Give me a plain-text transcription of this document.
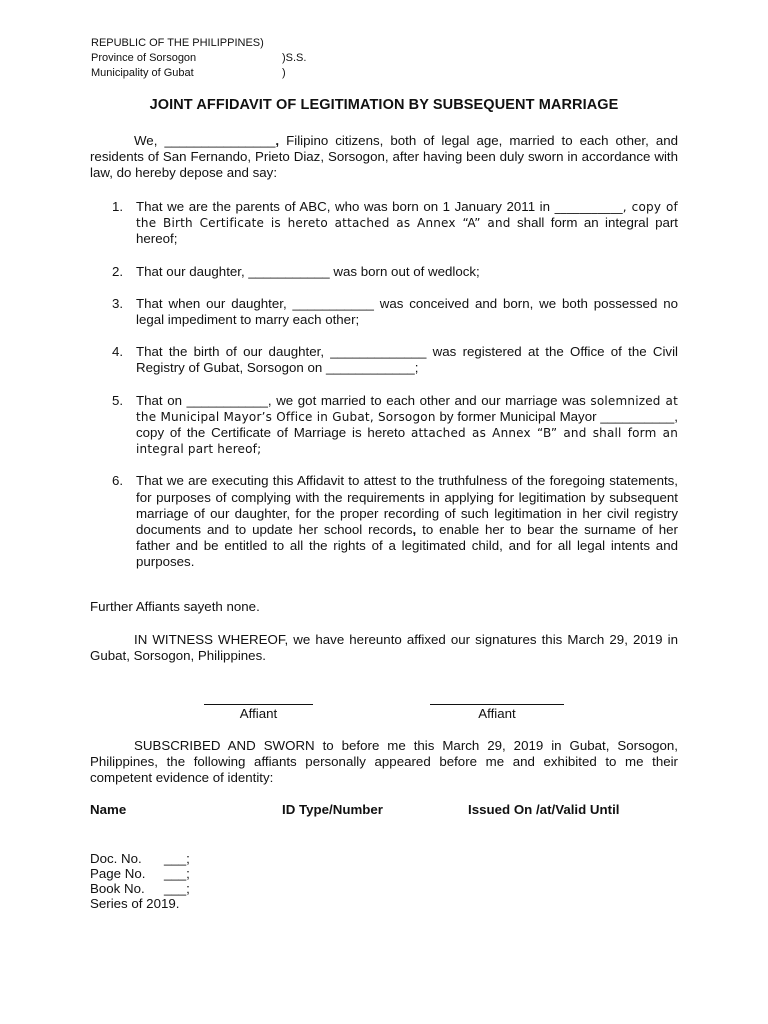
REPUBLIC OF THE PHILIPPINES)
Province of Sorsogon	)S.S.
Municipality of Gubat	)
JOINT AFFIDAVIT OF LEGITIMATION BY SUBSEQUENT MARRIAGE
We, _______________, Filipino citizens, both of legal age, married to each other, and residents of San Fernando, Prieto Diaz, Sorsogon, after having been duly sworn in accordance with law, do hereby depose and say:
1. That we are the parents of ABC, who was born on 1 January 2011 in ___________, copy of the Birth Certificate is hereto attached as Annex “A” and shall form an integral part hereof;
2. That our daughter, ___________ was born out of wedlock;
3. That when our daughter, ___________ was conceived and born, we both possessed no legal impediment to marry each other;
4. That the birth of our daughter, _____________ was registered at the Office of the Civil Registry of Gubat, Sorsogon on ____________;
5. That on ___________, we got married to each other and our marriage was solemnized at the Municipal Mayor’s Office in Gubat, Sorsogon by former Municipal Mayor __________, copy of the Certificate of Marriage is hereto attached as Annex “B” and shall form an integral part hereof;
6. That we are executing this Affidavit to attest to the truthfulness of the foregoing statements, for purposes of complying with the requirements in applying for legitimation by subsequent marriage of our daughter, for the proper recording of such legitimation in her civil registry documents and to update her school records, to enable her to bear the surname of her father and be entitled to all the rights of a legitimated child, and for all legal intents and purposes.
Further Affiants sayeth none.
IN WITNESS WHEREOF, we have hereunto affixed our signatures this March 29, 2019 in Gubat, Sorsogon, Philippines.
Affiant	Affiant
SUBSCRIBED AND SWORN to before me this March 29, 2019 in Gubat, Sorsogon, Philippines, the following affiants personally appeared before me and exhibited to me their competent evidence of identity:
Name	ID Type/Number	Issued On /at/Valid Until
Doc. No. ___;
Page No. ___;
Book No. ___;
Series of 2019.
